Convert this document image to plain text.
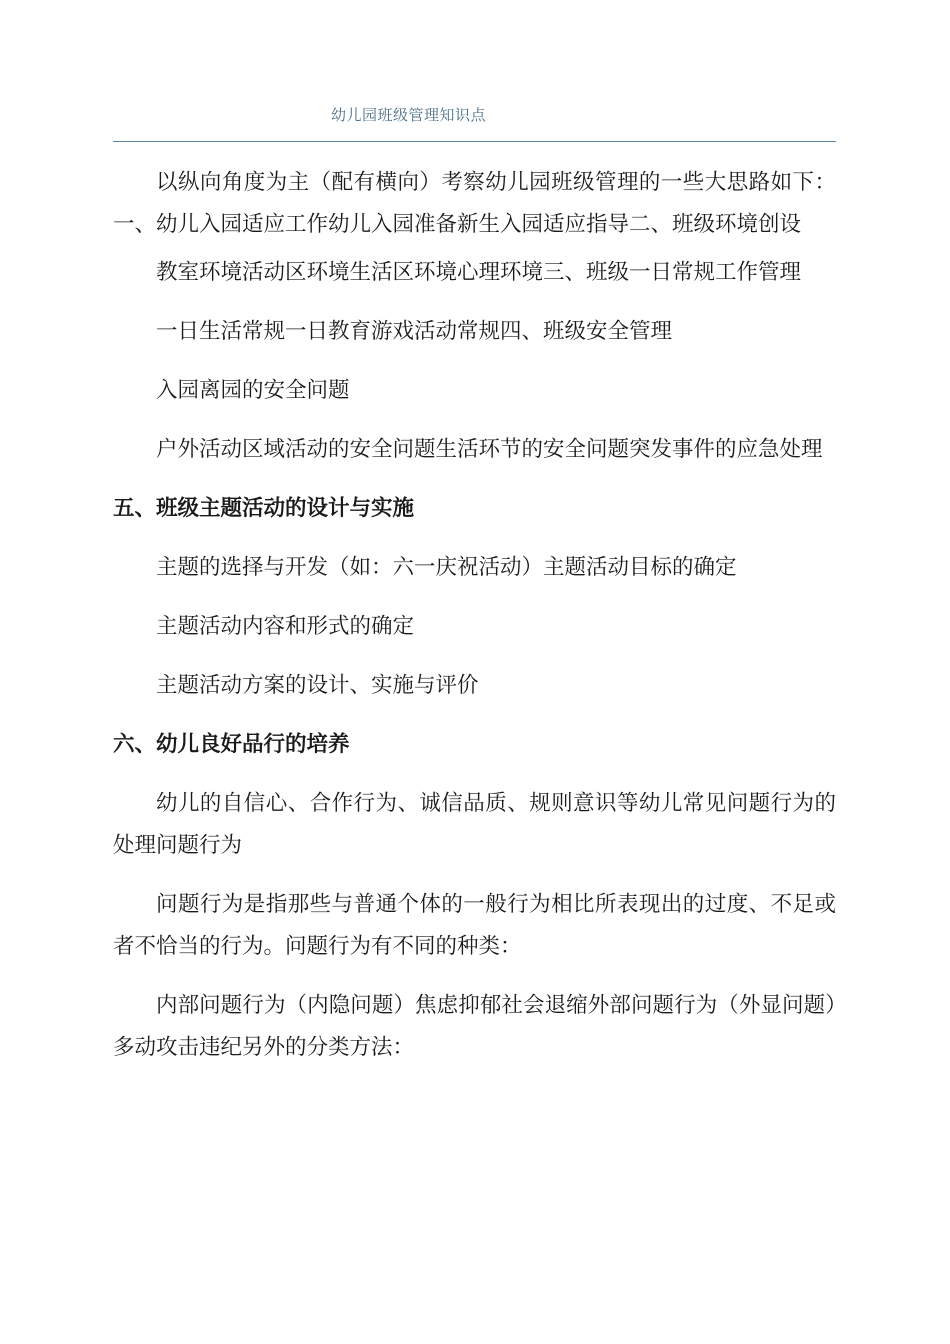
幼儿园班级管理知识点

以纵向角度为主（配有横向）考察幼儿园班级管理的一些大思路如下：一、幼儿入园适应工作幼儿入园准备新生入园适应指导二、班级环境创设

教室环境活动区环境生活区环境心理环境三、班级一日常规工作管理

一日生活常规一日教育游戏活动常规四、班级安全管理

入园离园的安全问题

户外活动区域活动的安全问题生活环节的安全问题突发事件的应急处理

五、班级主题活动的设计与实施

主题的选择与开发（如：六一庆祝活动）主题活动目标的确定

主题活动内容和形式的确定

主题活动方案的设计、实施与评价

六、幼儿良好品行的培养

幼儿的自信心、合作行为、诚信品质、规则意识等幼儿常见问题行为的处理问题行为

问题行为是指那些与普通个体的一般行为相比所表现出的过度、不足或者不恰当的行为。问题行为有不同的种类：

内部问题行为（内隐问题）焦虑抑郁社会退缩外部问题行为（外显问题）多动攻击违纪另外的分类方法：
